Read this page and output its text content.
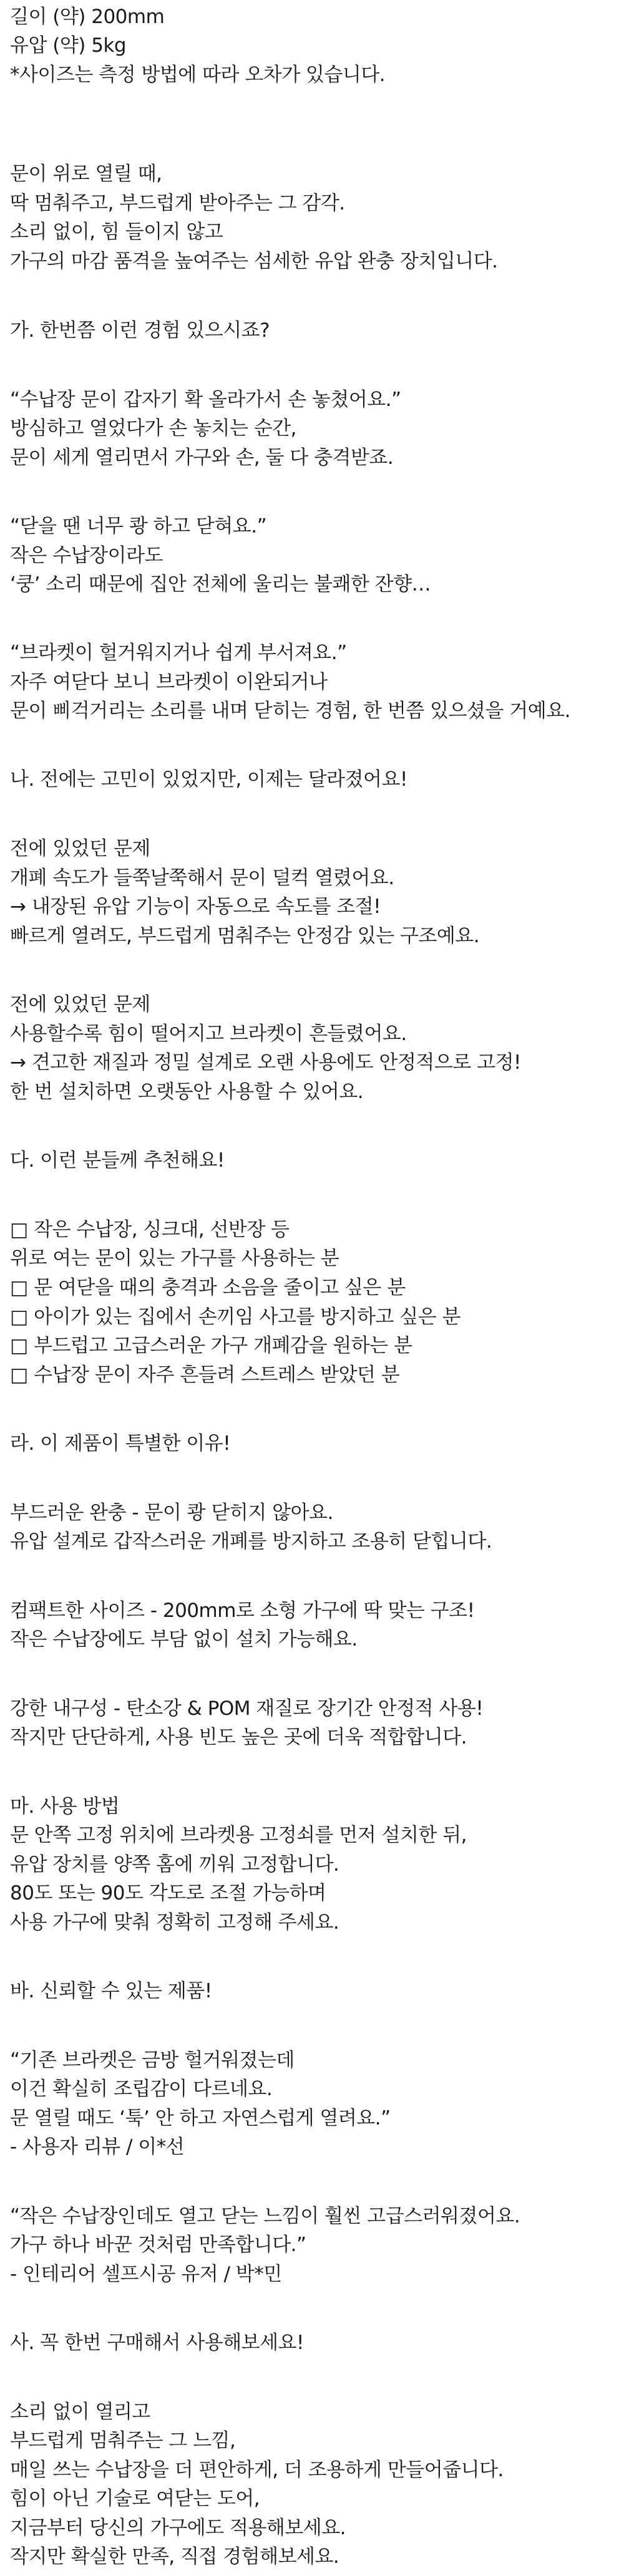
길이 (약) 200mm
유압 (약) 5kg
*사이즈는 측정 방법에 따라 오차가 있습니다.
문이 위로 열릴 때,
딱 멈춰주고, 부드럽게 받아주는 그 감각.
소리 없이, 힘 들이지 않고
가구의 마감 품격을 높여주는 섬세한 유압 완충 장치입니다.
가. 한번쯤 이런 경험 있으시죠?
“수납장 문이 갑자기 확 올라가서 손 놓쳤어요.”
방심하고 열었다가 손 놓치는 순간,
문이 세게 열리면서 가구와 손, 둘 다 충격받죠.
“닫을 땐 너무 쾅 하고 닫혀요.”
작은 수납장이라도
‘쿵’ 소리 때문에 집안 전체에 울리는 불쾌한 잔향…
“브라켓이 헐거워지거나 쉽게 부서져요.”
자주 여닫다 보니 브라켓이 이완되거나
문이 삐걱거리는 소리를 내며 닫히는 경험, 한 번쯤 있으셨을 거예요.
나. 전에는 고민이 있었지만, 이제는 달라졌어요!
전에 있었던 문제
개폐 속도가 들쭉날쭉해서 문이 덜컥 열렸어요.
→ 내장된 유압 기능이 자동으로 속도를 조절!
빠르게 열려도, 부드럽게 멈춰주는 안정감 있는 구조예요.
전에 있었던 문제
사용할수록 힘이 떨어지고 브라켓이 흔들렸어요.
→ 견고한 재질과 정밀 설계로 오랜 사용에도 안정적으로 고정!
한 번 설치하면 오랫동안 사용할 수 있어요.
다. 이런 분들께 추천해요!
□ 작은 수납장, 싱크대, 선반장 등
위로 여는 문이 있는 가구를 사용하는 분
□ 문 여닫을 때의 충격과 소음을 줄이고 싶은 분
□ 아이가 있는 집에서 손끼임 사고를 방지하고 싶은 분
□ 부드럽고 고급스러운 가구 개폐감을 원하는 분
□ 수납장 문이 자주 흔들려 스트레스 받았던 분
라. 이 제품이 특별한 이유!
부드러운 완충 - 문이 쾅 닫히지 않아요.
유압 설계로 갑작스러운 개폐를 방지하고 조용히 닫힙니다.
컴팩트한 사이즈 - 200mm로 소형 가구에 딱 맞는 구조!
작은 수납장에도 부담 없이 설치 가능해요.
강한 내구성 - 탄소강 & POM 재질로 장기간 안정적 사용!
작지만 단단하게, 사용 빈도 높은 곳에 더욱 적합합니다.
마. 사용 방법
문 안쪽 고정 위치에 브라켓용 고정쇠를 먼저 설치한 뒤,
유압 장치를 양쪽 홈에 끼워 고정합니다.
80도 또는 90도 각도로 조절 가능하며
사용 가구에 맞춰 정확히 고정해 주세요.
바. 신뢰할 수 있는 제품!
“기존 브라켓은 금방 헐거워졌는데
이건 확실히 조립감이 다르네요.
문 열릴 때도 ‘툭’ 안 하고 자연스럽게 열려요.”
- 사용자 리뷰 / 이*선
“작은 수납장인데도 열고 닫는 느낌이 훨씬 고급스러워졌어요.
가구 하나 바꾼 것처럼 만족합니다.”
- 인테리어 셀프시공 유저 / 박*민
사. 꼭 한번 구매해서 사용해보세요!
소리 없이 열리고
부드럽게 멈춰주는 그 느낌,
매일 쓰는 수납장을 더 편안하게, 더 조용하게 만들어줍니다.
힘이 아닌 기술로 여닫는 도어,
지금부터 당신의 가구에도 적용해보세요.
작지만 확실한 만족, 직접 경험해보세요.
